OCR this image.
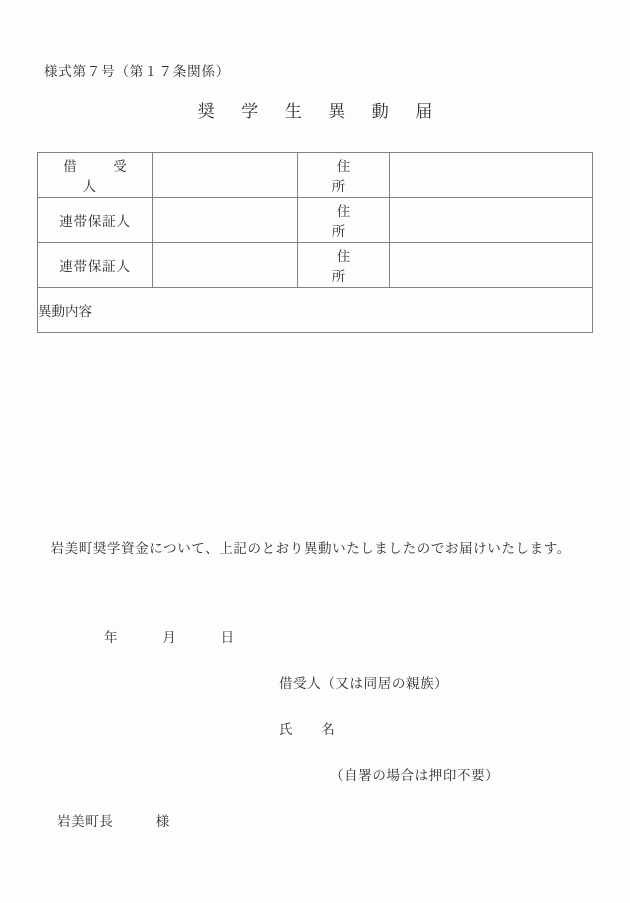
様式第７号（第１７条関係）
奨 学 生 異 動 届
借　受　人		住　　所	
連帯保証人		住　　所	
連帯保証人		住　　所	
異動内容			
岩美町奨学資金について、上記のとおり異動いたしましたのでお届けいたします。
年　　　月　　　日
借受人（又は同居の親族）
氏　　名
（自署の場合は押印不要）
岩美町長　　　様
